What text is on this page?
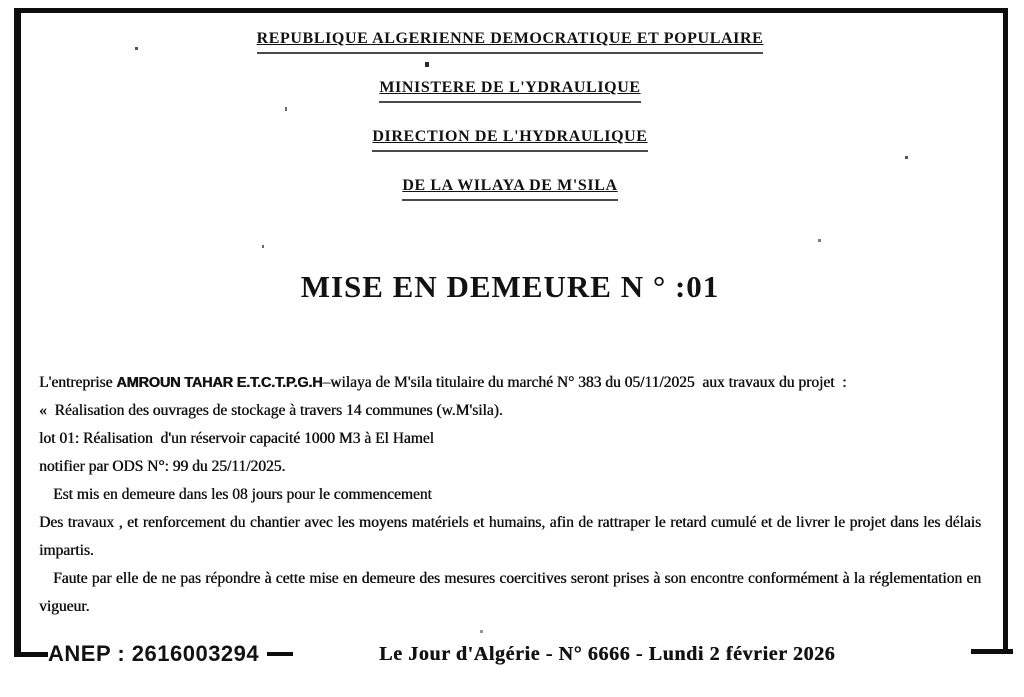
REPUBLIQUE ALGERIENNE DEMOCRATIQUE ET POPULAIRE
MINISTERE DE L'YDRAULIQUE
DIRECTION DE L'HYDRAULIQUE
DE LA WILAYA DE M'SILA
MISE EN DEMEURE N ° :01

L'entreprise AMROUN TAHAR E.T.C.T.P.G.H–wilaya de M'sila titulaire du marché N° 383 du 05/11/2025  aux travaux du projet  :

«  Réalisation des ouvrages de stockage à travers 14 communes (w.M'sila).

lot 01: Réalisation  d'un réservoir capacité 1000 M3 à El Hamel

notifier par ODS N°: 99 du 25/11/2025.

Est mis en demeure dans les 08 jours pour le commencement

Des travaux , et renforcement du chantier avec les moyens matériels et humains, afin de rattraper le retard cumulé et de livrer le projet dans les délais impartis.

Faute par elle de ne pas répondre à cette mise en demeure des mesures coercitives seront prises à son encontre conformément à la réglementation en vigueur.

ANEP : 2616003294	Le Jour d'Algérie - N° 6666 - Lundi 2 février 2026
